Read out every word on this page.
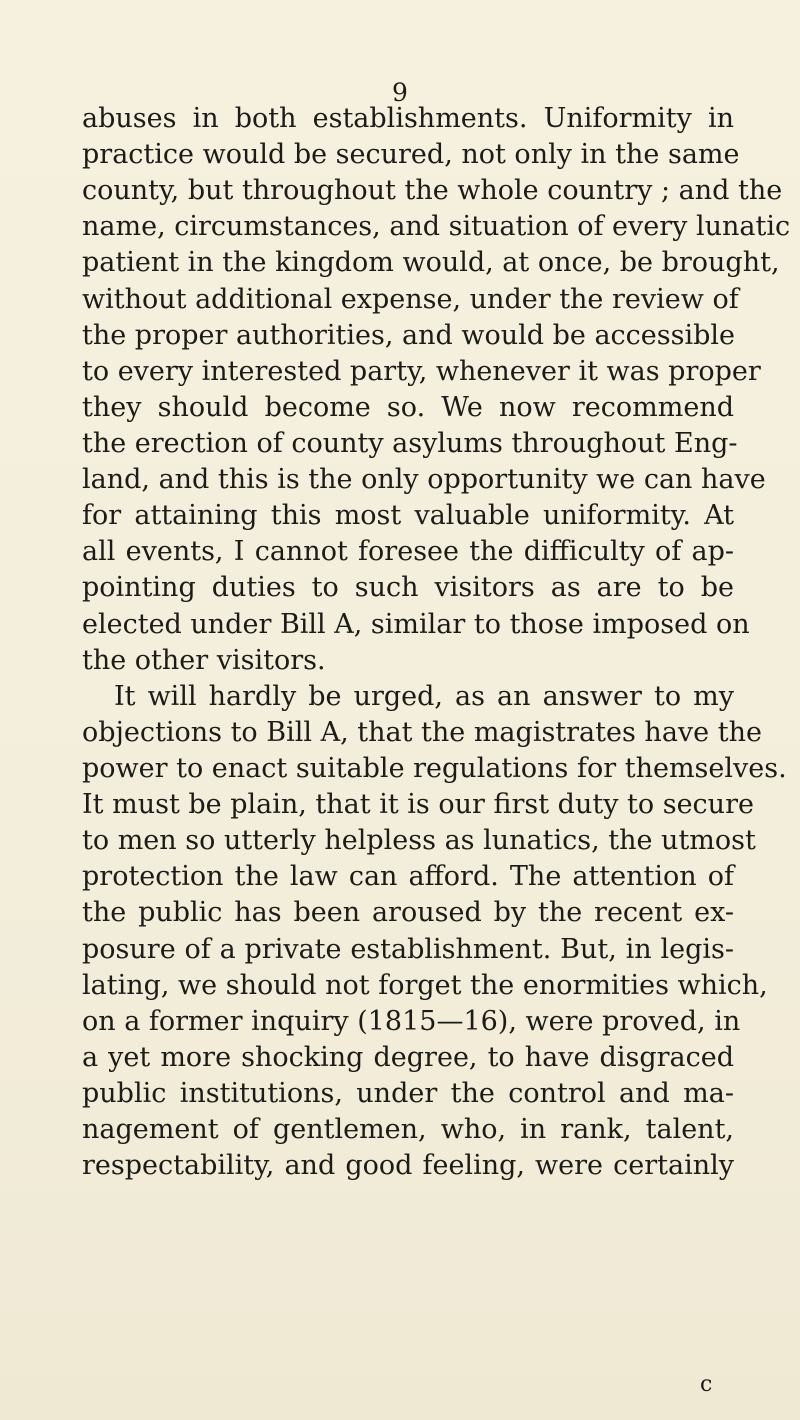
9
abuses in both establishments. Uniformity in
practice would be secured, not only in the same
county, but throughout the whole country ; and the
name, circumstances, and situation of every lunatic
patient in the kingdom would, at once, be brought,
without additional expense, under the review of
the proper authorities, and would be accessible
to every interested party, whenever it was proper
they should become so. We now recommend
the erection of county asylums throughout Eng-
land, and this is the only opportunity we can have
for attaining this most valuable uniformity. At
all events, I cannot foresee the difficulty of ap-
pointing duties to such visitors as are to be
elected under Bill A, similar to those imposed on
the other visitors.
It will hardly be urged, as an answer to my
objections to Bill A, that the magistrates have the
power to enact suitable regulations for themselves.
It must be plain, that it is our first duty to secure
to men so utterly helpless as lunatics, the utmost
protection the law can afford. The attention of
the public has been aroused by the recent ex-
posure of a private establishment. But, in legis-
lating, we should not forget the enormities which,
on a former inquiry (1815—16), were proved, in
a yet more shocking degree, to have disgraced
public institutions, under the control and ma-
nagement of gentlemen, who, in rank, talent,
respectability, and good feeling, were certainly
c
